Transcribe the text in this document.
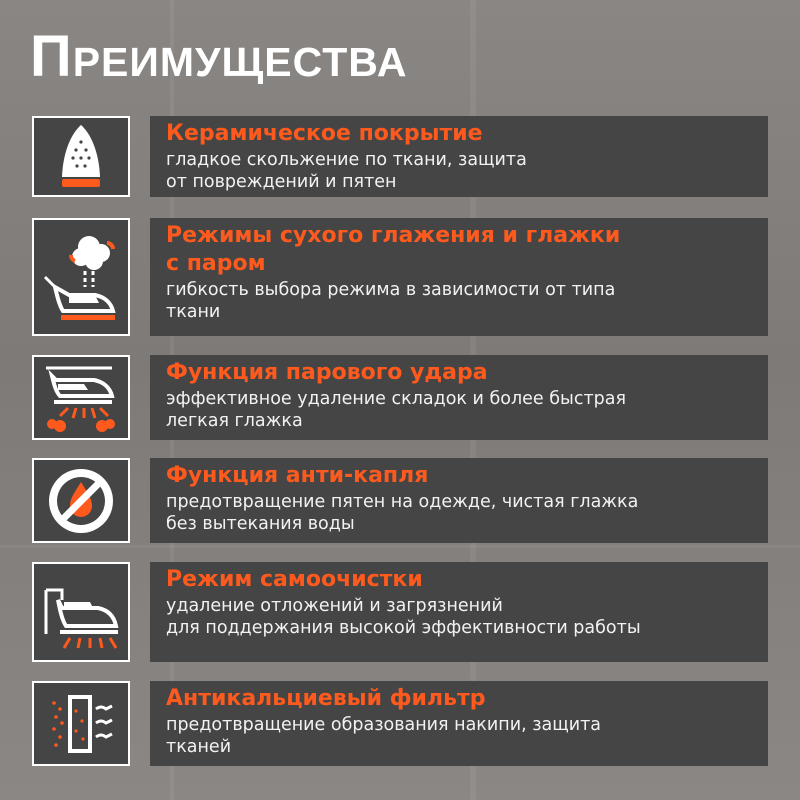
Преимущества
Керамическое покрытие
гладкое скольжение по ткани, защита
от повреждений и пятен
Режимы сухого глажения и глажки
с паром
гибкость выбора режима в зависимости от типа
ткани
Функция парового удара
эффективное удаление складок и более быстрая
легкая глажка
Функция анти-капля
предотвращение пятен на одежде, чистая глажка
без вытекания воды
Режим самоочистки
удаление отложений и загрязнений
для поддержания высокой эффективности работы
Антикальциевый фильтр
предотвращение образования накипи, защита
тканей
